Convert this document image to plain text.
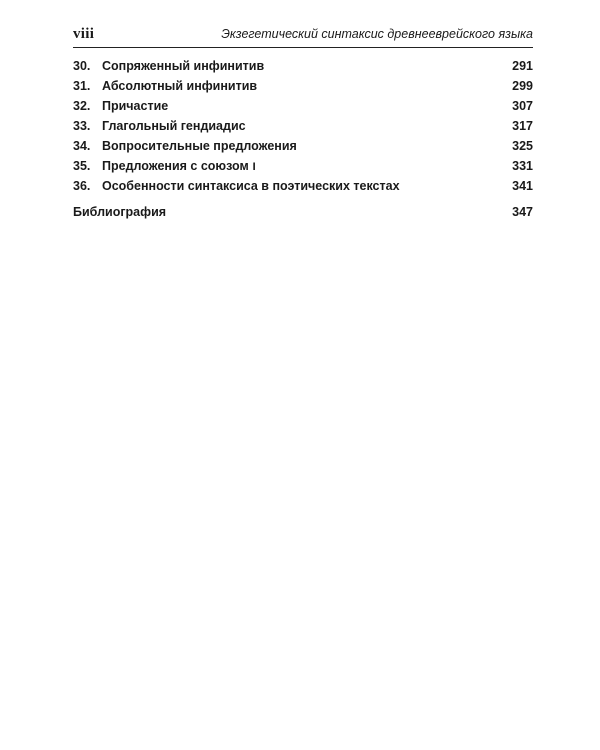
viii	Экзегетический синтаксис древнееврейского языка
30. Сопряженный инфинитив	291
31. Абсолютный инфинитив	299
32. Причастие	307
33. Глагольный гендиадис	317
34. Вопросительные предложения	325
35. Предложения с союзом ו	331
36. Особенности синтаксиса в поэтических текстах	341
Библиография	347
